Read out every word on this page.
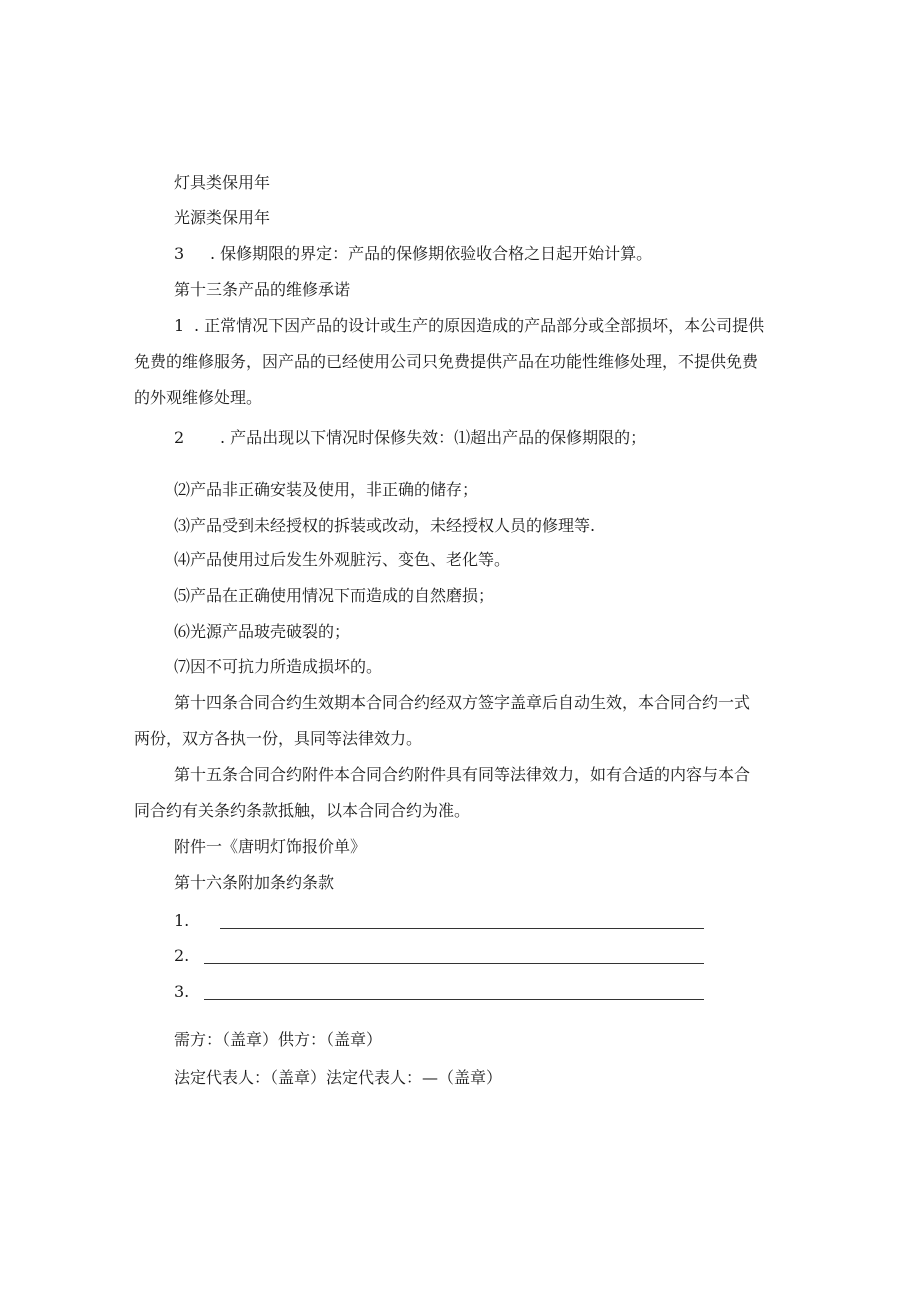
灯具类保用年
光源类保用年
3 . 保修期限的界定：产品的保修期依验收合格之日起开始计算。
第十三条产品的维修承诺
1 . 正常情况下因产品的设计或生产的原因造成的产品部分或全部损坏，本公司提供
免费的维修服务，因产品的已经使用公司只免费提供产品在功能性维修处理，不提供免费
的外观维修处理。
2 . 产品出现以下情况时保修失效：⑴超出产品的保修期限的；
⑵产品非正确安装及使用，非正确的储存；
⑶产品受到未经授权的拆装或改动，未经授权人员的修理等.
⑷产品使用过后发生外观脏污、变色、老化等。
⑸产品在正确使用情况下而造成的自然磨损；
⑹光源产品玻壳破裂的；
⑺因不可抗力所造成损坏的。
第十四条合同合约生效期本合同合约经双方签字盖章后自动生效，本合同合约一式
两份，双方各执一份，具同等法律效力。
第十五条合同合约附件本合同合约附件具有同等法律效力，如有合适的内容与本合
同合约有关条约条款抵触，以本合同合约为准。
附件一《唐明灯饰报价单》
第十六条附加条约条款
1.
2.
3.
需方：（盖章）供方：（盖章）
法定代表人：（盖章）法定代表人：—（盖章）
